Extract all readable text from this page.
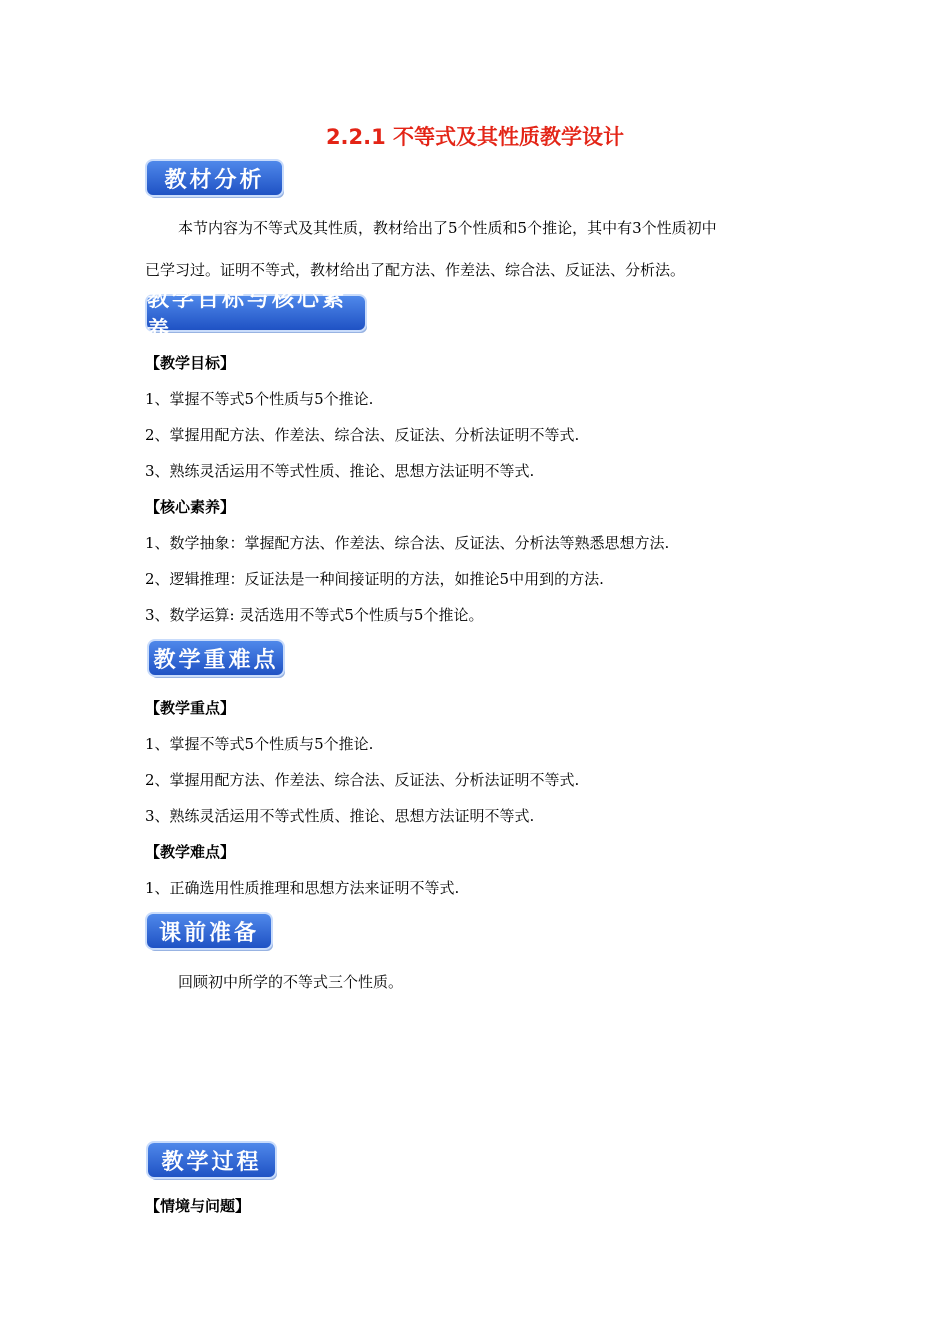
2.2.1 不等式及其性质教学设计
教材分析
本节内容为不等式及其性质，教材给出了5个性质和5个推论，其中有3个性质初中
已学习过。证明不等式，教材给出了配方法、作差法、综合法、反证法、分析法。
教学目标与核心素养
【教学目标】
1、掌握不等式5个性质与5个推论.
2、掌握用配方法、作差法、综合法、反证法、分析法证明不等式.
3、熟练灵活运用不等式性质、推论、思想方法证明不等式.
【核心素养】
1、数学抽象：掌握配方法、作差法、综合法、反证法、分析法等熟悉思想方法.
2、逻辑推理：反证法是一种间接证明的方法，如推论5中用到的方法.
3、数学运算: 灵活选用不等式5个性质与5个推论。
教学重难点
【教学重点】
1、掌握不等式5个性质与5个推论.
2、掌握用配方法、作差法、综合法、反证法、分析法证明不等式.
3、熟练灵活运用不等式性质、推论、思想方法证明不等式.
【教学难点】
1、正确选用性质推理和思想方法来证明不等式.
课前准备
回顾初中所学的不等式三个性质。
教学过程
【情境与问题】
